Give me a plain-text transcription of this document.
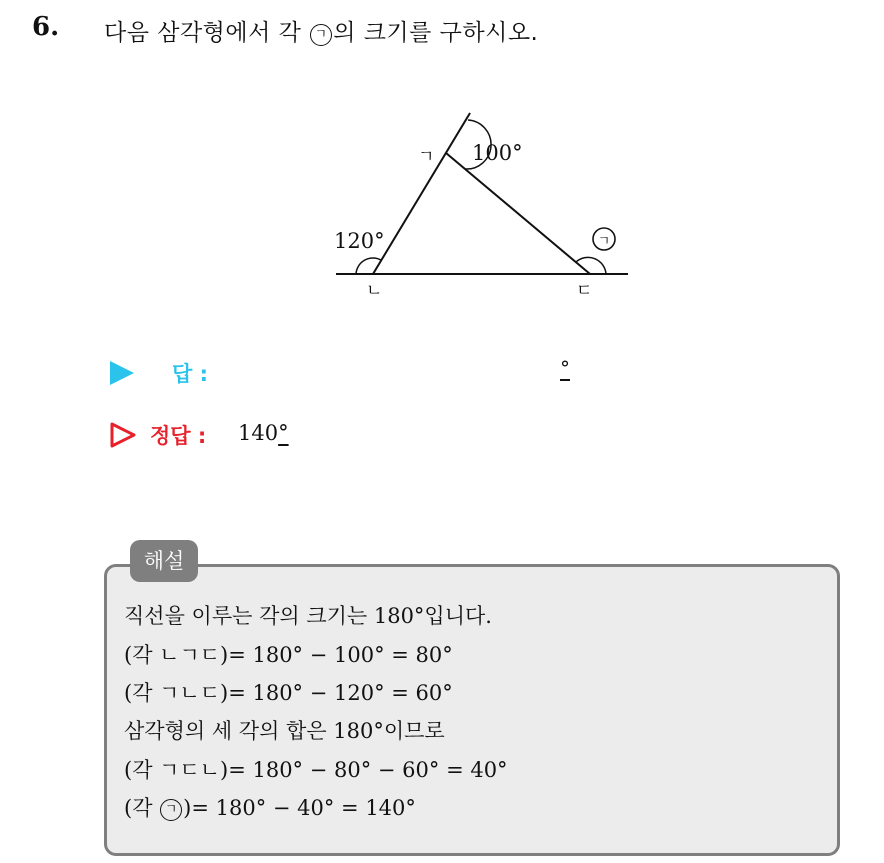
6. 다음 삼각형에서 각 ㄱ 의 크기를 구하시오.
100°
120°
ㄱ
ㄴ	ㄷ
ㄱ
답 :	°
정답 : 140°
해설
직선을 이루는 각의 크기는 180°입니다.
(각 ㄴㄱㄷ)= 180° − 100° = 80°
(각 ㄱㄴㄷ)= 180° − 120° = 60°
삼각형의 세 각의 합은 180°이므로
(각 ㄱㄷㄴ)= 180° − 80° − 60° = 40°
(각 ㄱ )= 180° − 40° = 140°
